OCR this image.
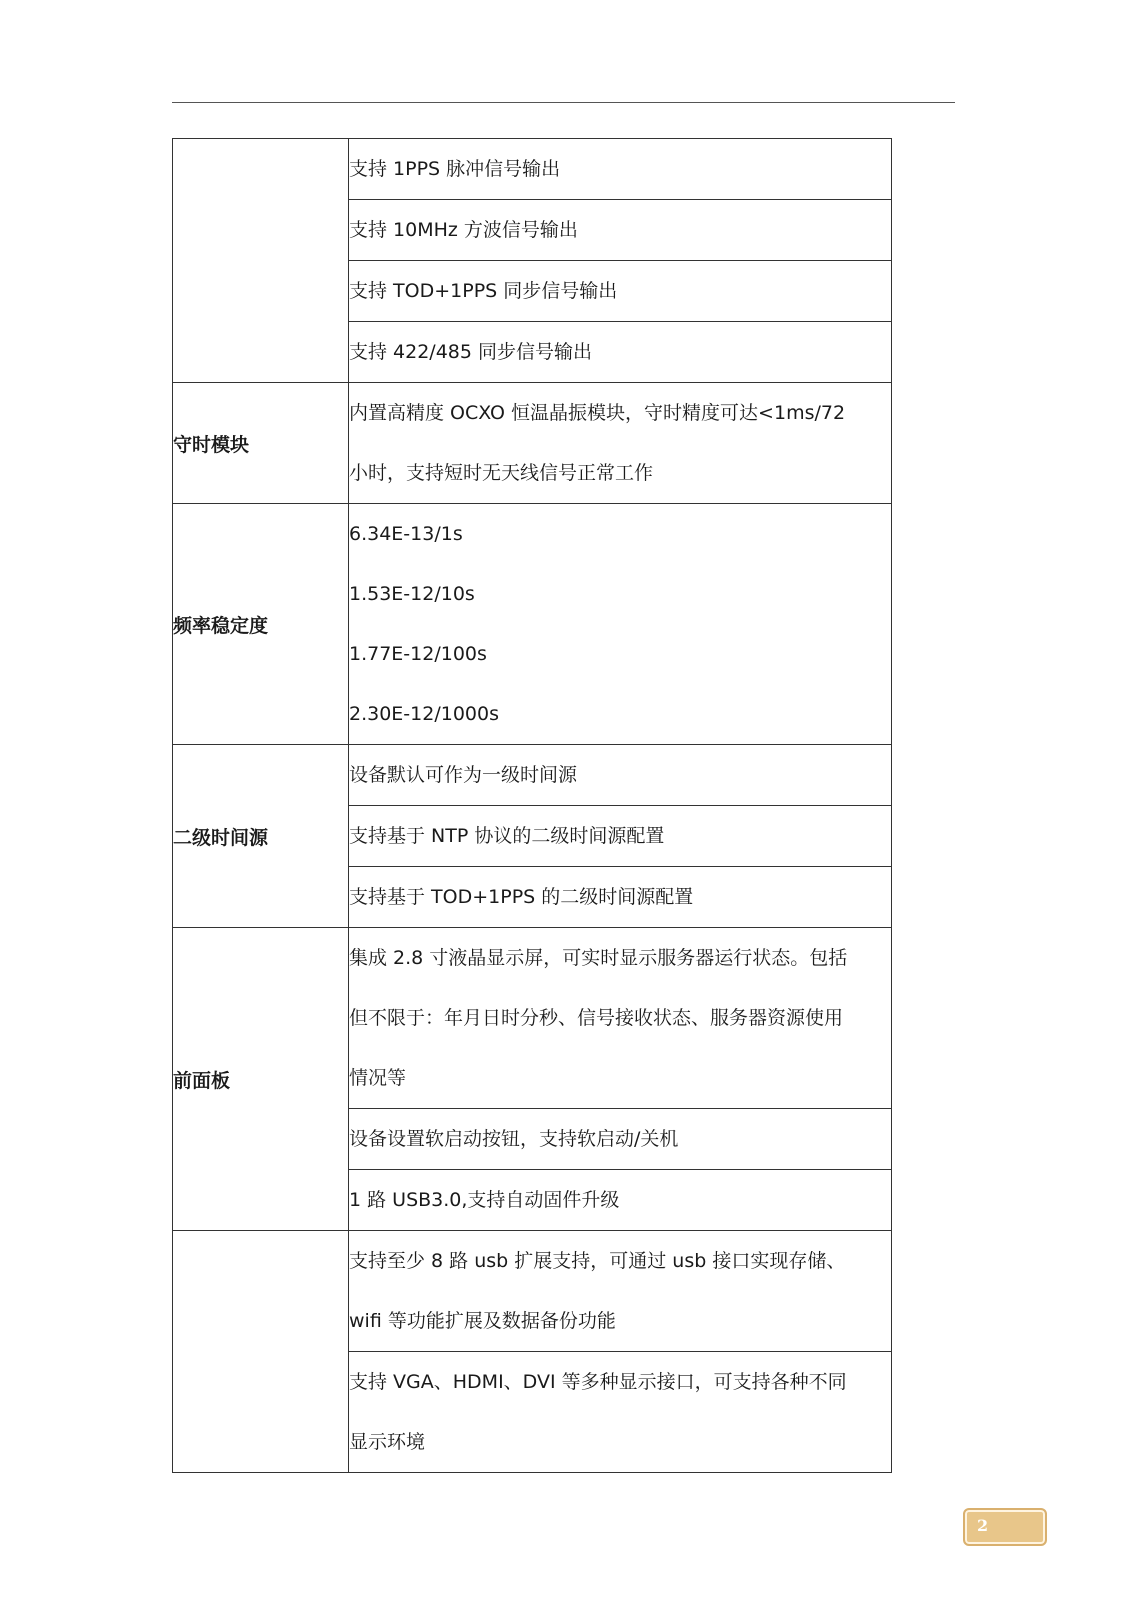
	支持 1PPS 脉冲信号输出

	支持 10MHz 方波信号输出

	支持 TOD+1PPS 同步信号输出

	支持 422/485 同步信号输出

守时模块	内置高精度 OCXO 恒温晶振模块，守时精度可达<1ms/72
小时，支持短时无天线信号正常工作

频率稳定度	6.34E-13/1s
1.53E-12/10s
1.77E-12/100s
2.30E-12/1000s

二级时间源	设备默认可作为一级时间源

	支持基于 NTP 协议的二级时间源配置

	支持基于 TOD+1PPS 的二级时间源配置

前面板	集成 2.8 寸液晶显示屏，可实时显示服务器运行状态。包括
但不限于：年月日时分秒、信号接收状态、服务器资源使用
情况等

	设备设置软启动按钮，支持软启动/关机

	1 路 USB3.0,支持自动固件升级

	支持至少 8 路 usb 扩展支持，可通过 usb 接口实现存储、
wifi 等功能扩展及数据备份功能

	支持 VGA、HDMI、DVI 等多种显示接口，可支持各种不同
显示环境
2
